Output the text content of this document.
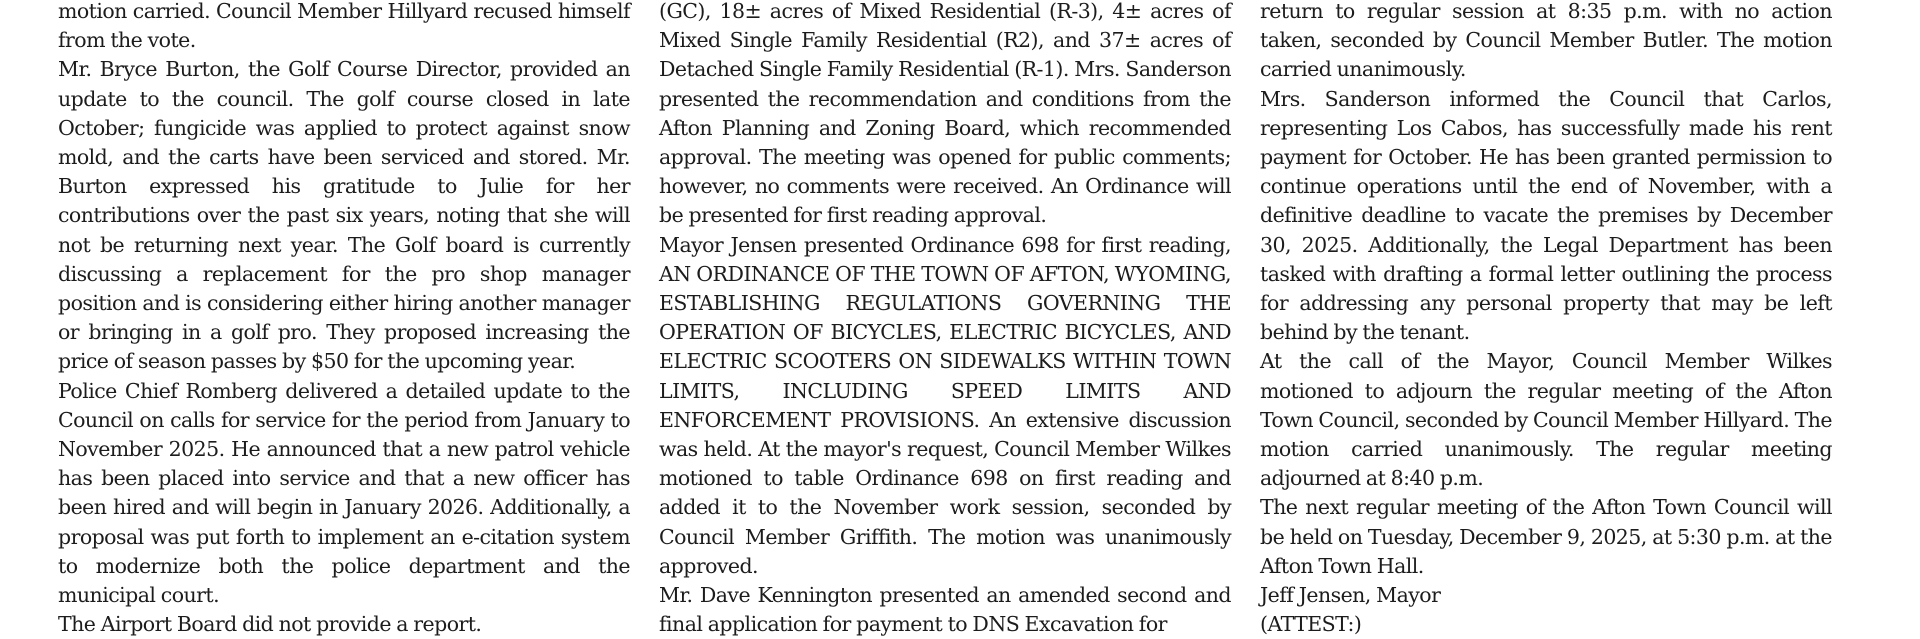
motion carried. Council Member Hillyard recused himself from the vote.

Mr. Bryce Burton, the Golf Course Director, provided an update to the council. The golf course closed in late October; fungicide was applied to protect against snow mold, and the carts have been serviced and stored. Mr. Burton expressed his gratitude to Julie for her contributions over the past six years, noting that she will not be returning next year. The Golf board is currently discussing a replacement for the pro shop manager position and is considering either hiring another manager or bringing in a golf pro. They proposed increasing the price of season passes by $50 for the upcoming year.

Police Chief Romberg delivered a detailed update to the Council on calls for service for the period from January to November 2025. He announced that a new patrol vehicle has been placed into service and that a new officer has been hired and will begin in January 2026. Additionally, a proposal was put forth to implement an e-citation system to modernize both the police department and the municipal court.

The Airport Board did not provide a report.

(GC), 18± acres of Mixed Residential (R-3), 4± acres of Mixed Single Family Residential (R2), and 37± acres of Detached Single Family Residential (R-1). Mrs. Sanderson presented the recommendation and conditions from the Afton Planning and Zoning Board, which recommended approval. The meeting was opened for public comments; however, no comments were received. An Ordinance will be presented for first reading approval.

Mayor Jensen presented Ordinance 698 for first reading, AN ORDINANCE OF THE TOWN OF AFTON, WYOMING, ESTABLISHING REGULATIONS GOVERNING THE OPERATION OF BICYCLES, ELECTRIC BICYCLES, AND ELECTRIC SCOOTERS ON SIDEWALKS WITHIN TOWN LIMITS, INCLUDING SPEED LIMITS AND ENFORCEMENT PROVISIONS. An extensive discussion was held. At the mayor's request, Council Member Wilkes motioned to table Ordinance 698 on first reading and added it to the November work session, seconded by Council Member Griffith. The motion was unanimously approved.

Mr. Dave Kennington presented an amended second and final application for payment to DNS Excavation for

return to regular session at 8:35 p.m. with no action taken, seconded by Council Member Butler. The motion carried unanimously.

Mrs. Sanderson informed the Council that Carlos, representing Los Cabos, has successfully made his rent payment for October. He has been granted permission to continue operations until the end of November, with a definitive deadline to vacate the premises by December 30, 2025. Additionally, the Legal Department has been tasked with drafting a formal letter outlining the process for addressing any personal property that may be left behind by the tenant.

At the call of the Mayor, Council Member Wilkes motioned to adjourn the regular meeting of the Afton Town Council, seconded by Council Member Hillyard. The motion carried unanimously. The regular meeting adjourned at 8:40 p.m.

The next regular meeting of the Afton Town Council will be held on Tuesday, December 9, 2025, at 5:30 p.m. at the Afton Town Hall.

Jeff Jensen, Mayor

(ATTEST:)
